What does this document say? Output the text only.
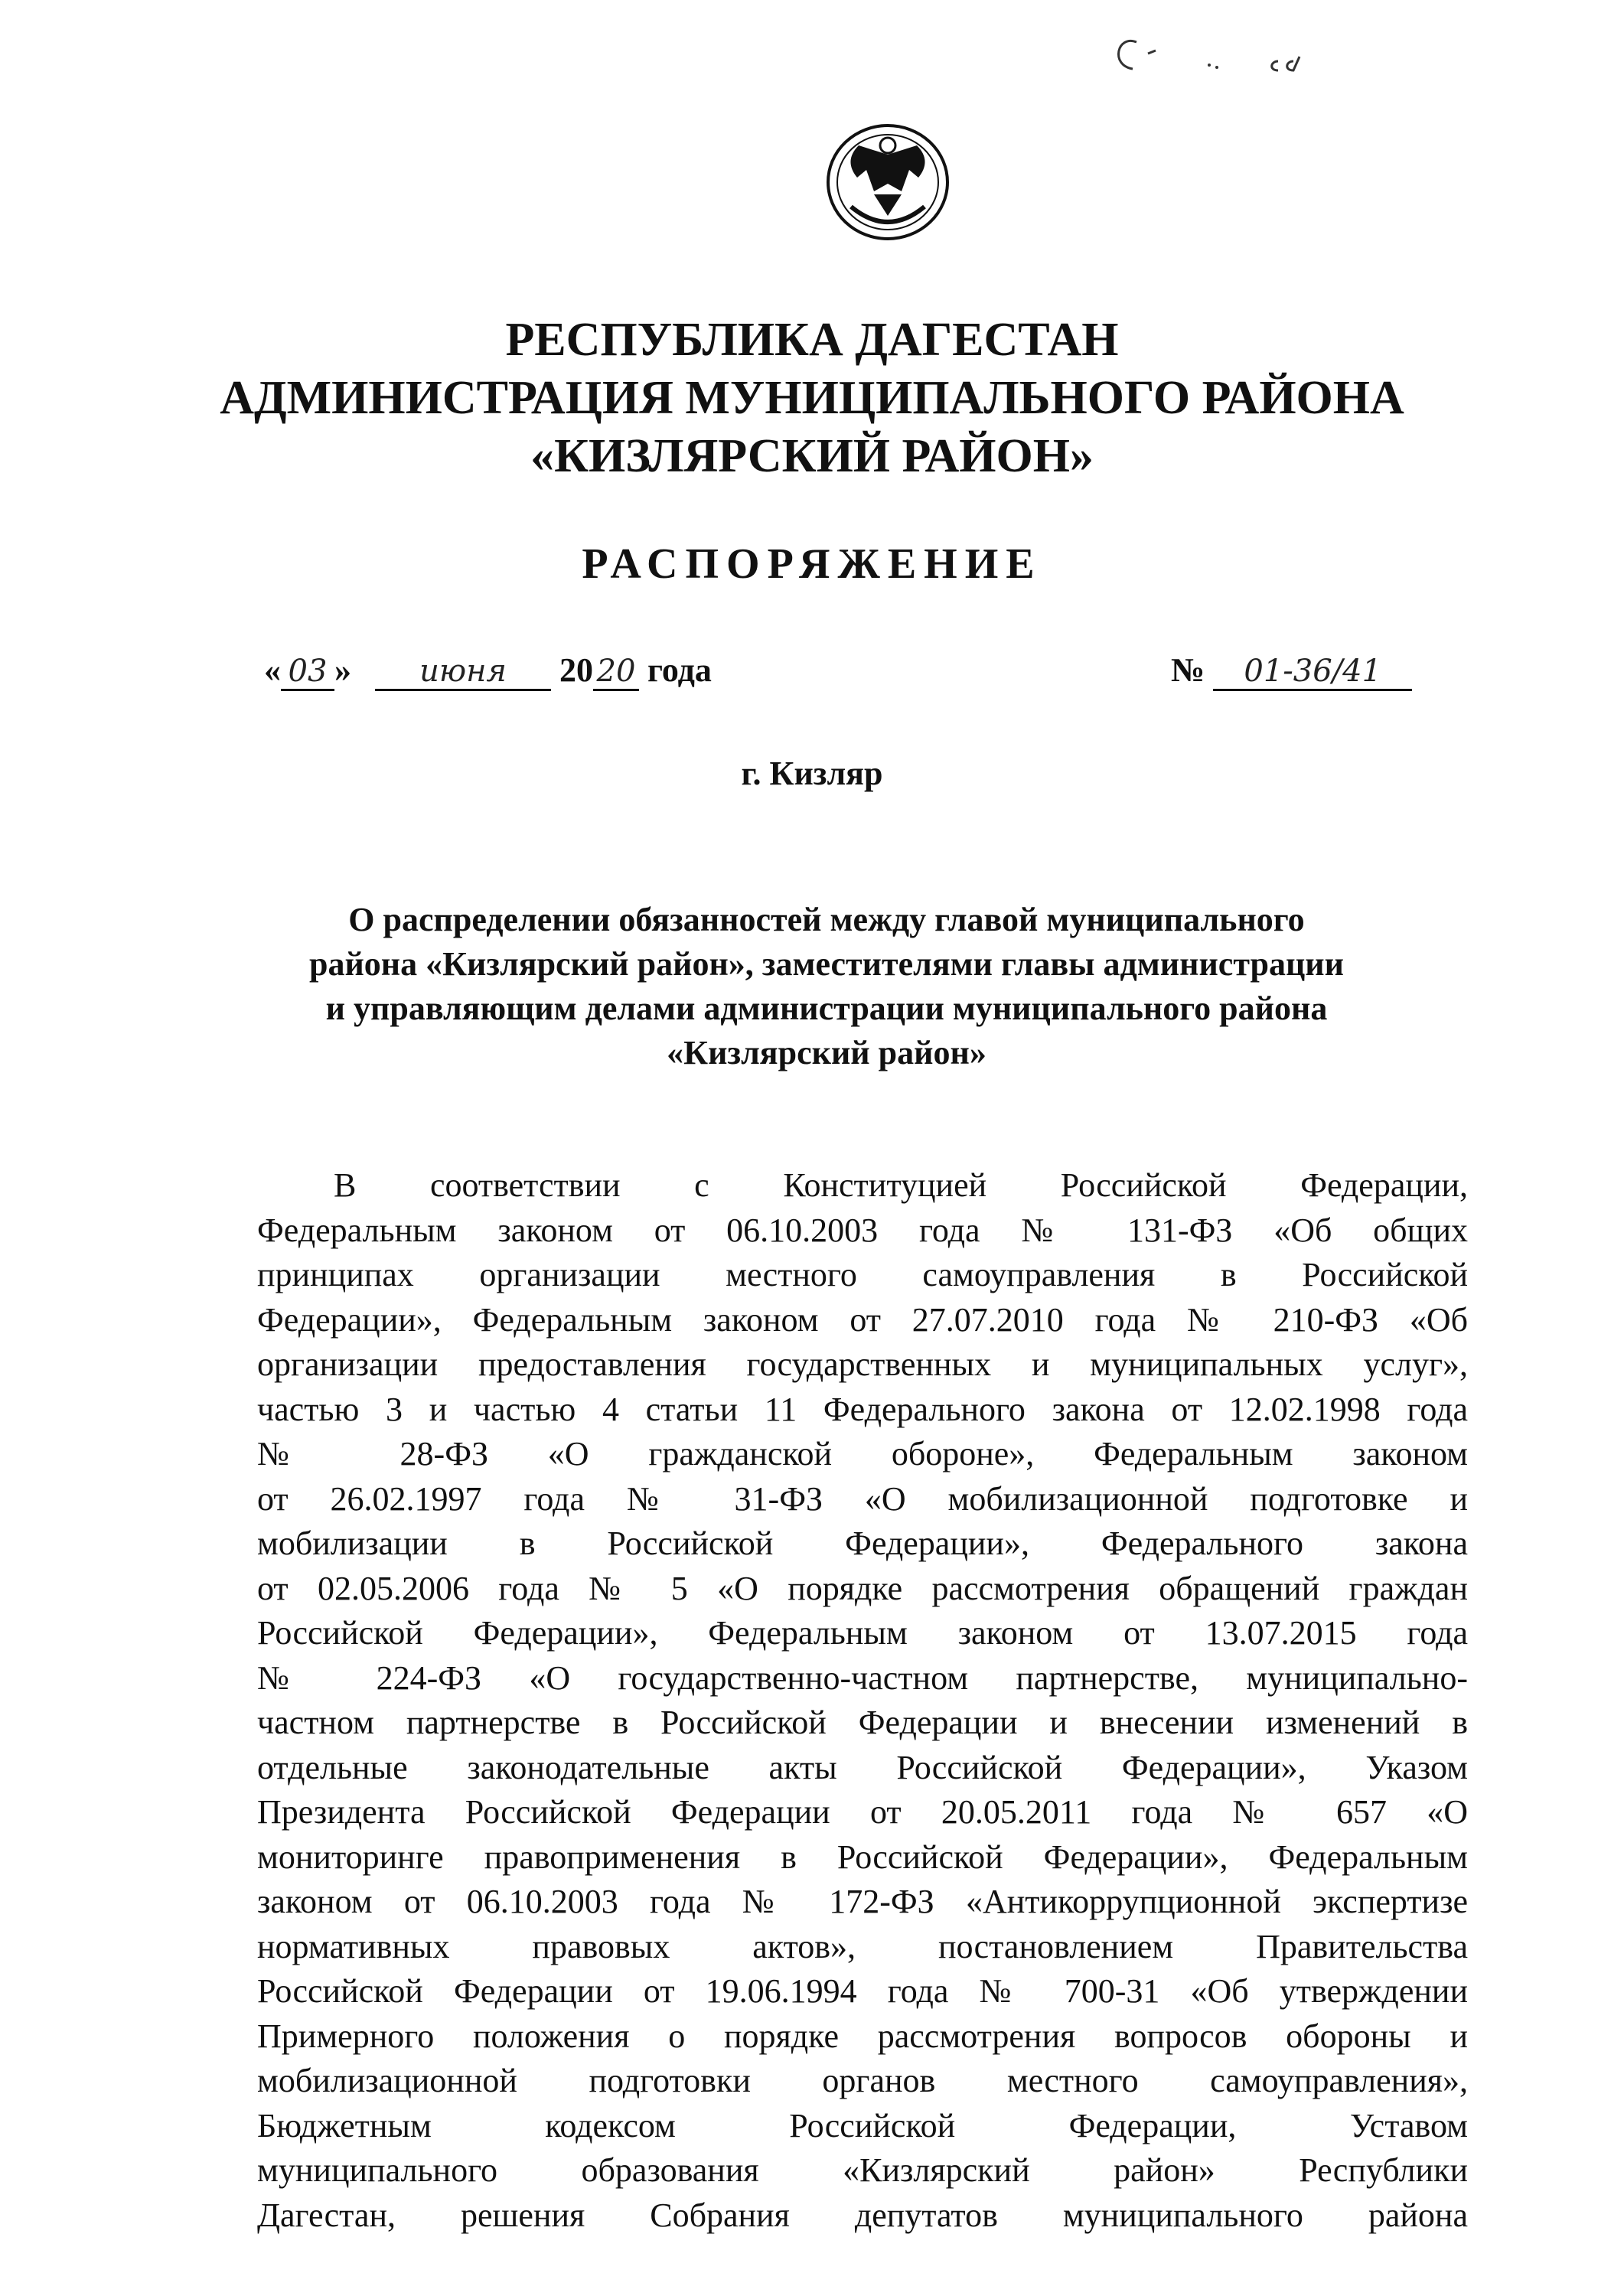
РЕСПУБЛИКА ДАГЕСТАН
АДМИНИСТРАЦИЯ МУНИЦИПАЛЬНОГО РАЙОНА
«КИЗЛЯРСКИЙ РАЙОН»
РАСПОРЯЖЕНИЕ
« 03 » июня 20 20 года	№ 01-36/41
г. Кизляр
О распределении обязанностей между главой муниципального
района «Кизлярский район», заместителями главы администрации
и управляющим делами администрации муниципального района
«Кизлярский район»
В соответствии с Конституцией Российской Федерации,
Федеральным законом от 06.10.2003 года № 131-ФЗ «Об общих
принципах организации местного самоуправления в Российской
Федерации», Федеральным законом от 27.07.2010 года № 210-ФЗ «Об
организации предоставления государственных и муниципальных услуг»,
частью 3 и частью 4 статьи 11 Федерального закона от 12.02.1998 года
№ 28-ФЗ «О гражданской обороне», Федеральным законом
от 26.02.1997 года № 31-ФЗ «О мобилизационной подготовке и
мобилизации в Российской Федерации», Федерального закона
от 02.05.2006 года № 5 «О порядке рассмотрения обращений граждан
Российской Федерации», Федеральным законом от 13.07.2015 года
№ 224-ФЗ «О государственно-частном партнерстве, муниципально-
частном партнерстве в Российской Федерации и внесении изменений в
отдельные законодательные акты Российской Федерации», Указом
Президента Российской Федерации от 20.05.2011 года № 657 «О
мониторинге правоприменения в Российской Федерации», Федеральным
законом от 06.10.2003 года № 172-ФЗ «Антикоррупционной экспертизе
нормативных правовых актов», постановлением Правительства
Российской Федерации от 19.06.1994 года № 700-31 «Об утверждении
Примерного положения о порядке рассмотрения вопросов обороны и
мобилизационной подготовки органов местного самоуправления»,
Бюджетным кодексом Российской Федерации, Уставом
муниципального образования «Кизлярский район» Республики
Дагестан, решения Собрания депутатов муниципального района
